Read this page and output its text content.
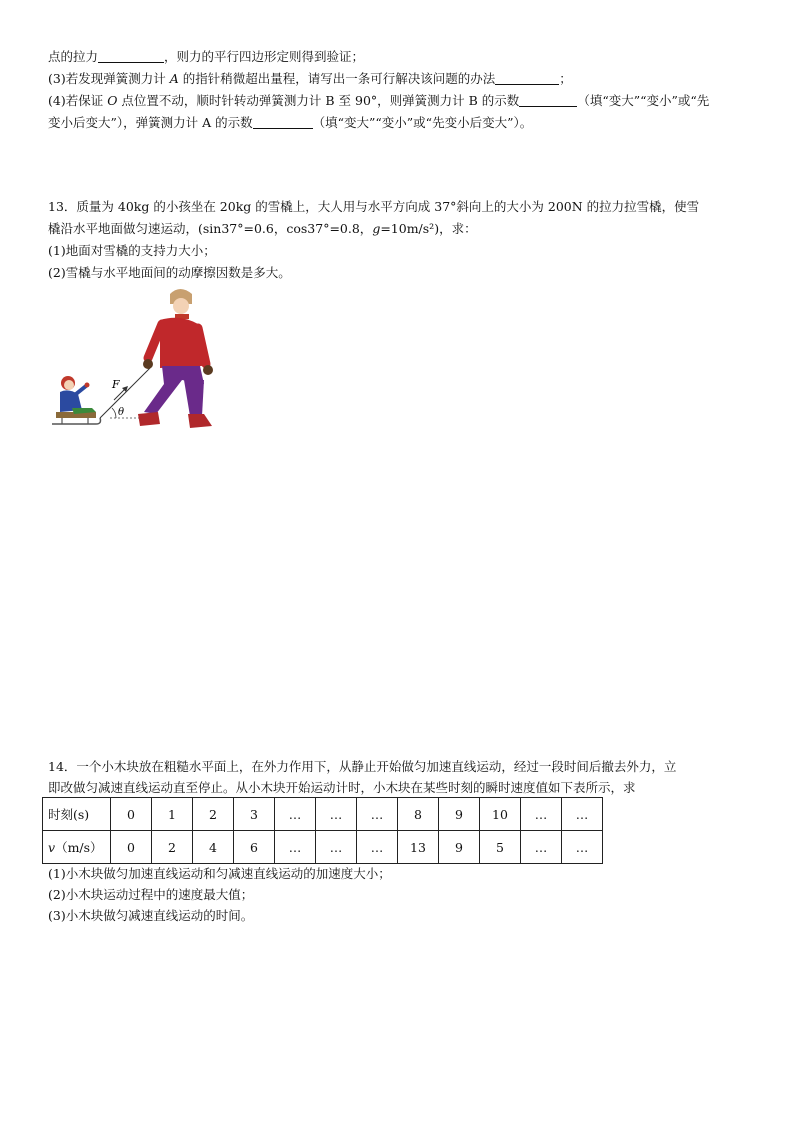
点的拉力	，则力的平行四边形定则得到验证；
(3)若发现弹簧测力计 A 的指针稍微超出量程，请写出一条可行解决该问题的办法	；
(4)若保证 O 点位置不动，顺时针转动弹簧测力计 B 至 90°，则弹簧测力计 B 的示数	（填“变大”“变小”或“先
变小后变大”），弹簧测力计 A 的示数	（填“变大”“变小”或“先变小后变大”）。
13．质量为 40kg 的小孩坐在 20kg 的雪橇上，大人用与水平方向成 37°斜向上的大小为 200N 的拉力拉雪橇，使雪
橇沿水平地面做匀速运动，(sin37°=0.6，cos37°=0.8，g=10m/s²)，求：
(1)地面对雪橇的支持力大小；
(2)雪橇与水平地面间的动摩擦因数是多大。
F
θ
14．一个小木块放在粗糙水平面上，在外力作用下，从静止开始做匀加速直线运动，经过一段时间后撤去外力，立
即改做匀减速直线运动直至停止。从小木块开始运动计时，小木块在某些时刻的瞬时速度值如下表所示，求
时刻(s)	0	1	2	3	…	…	…	8	9	10	…	…
v（m/s）	0	2	4	6	…	…	…	13	9	5	…	…
(1)小木块做匀加速直线运动和匀减速直线运动的加速度大小；
(2)小木块运动过程中的速度最大值；
(3)小木块做匀减速直线运动的时间。
